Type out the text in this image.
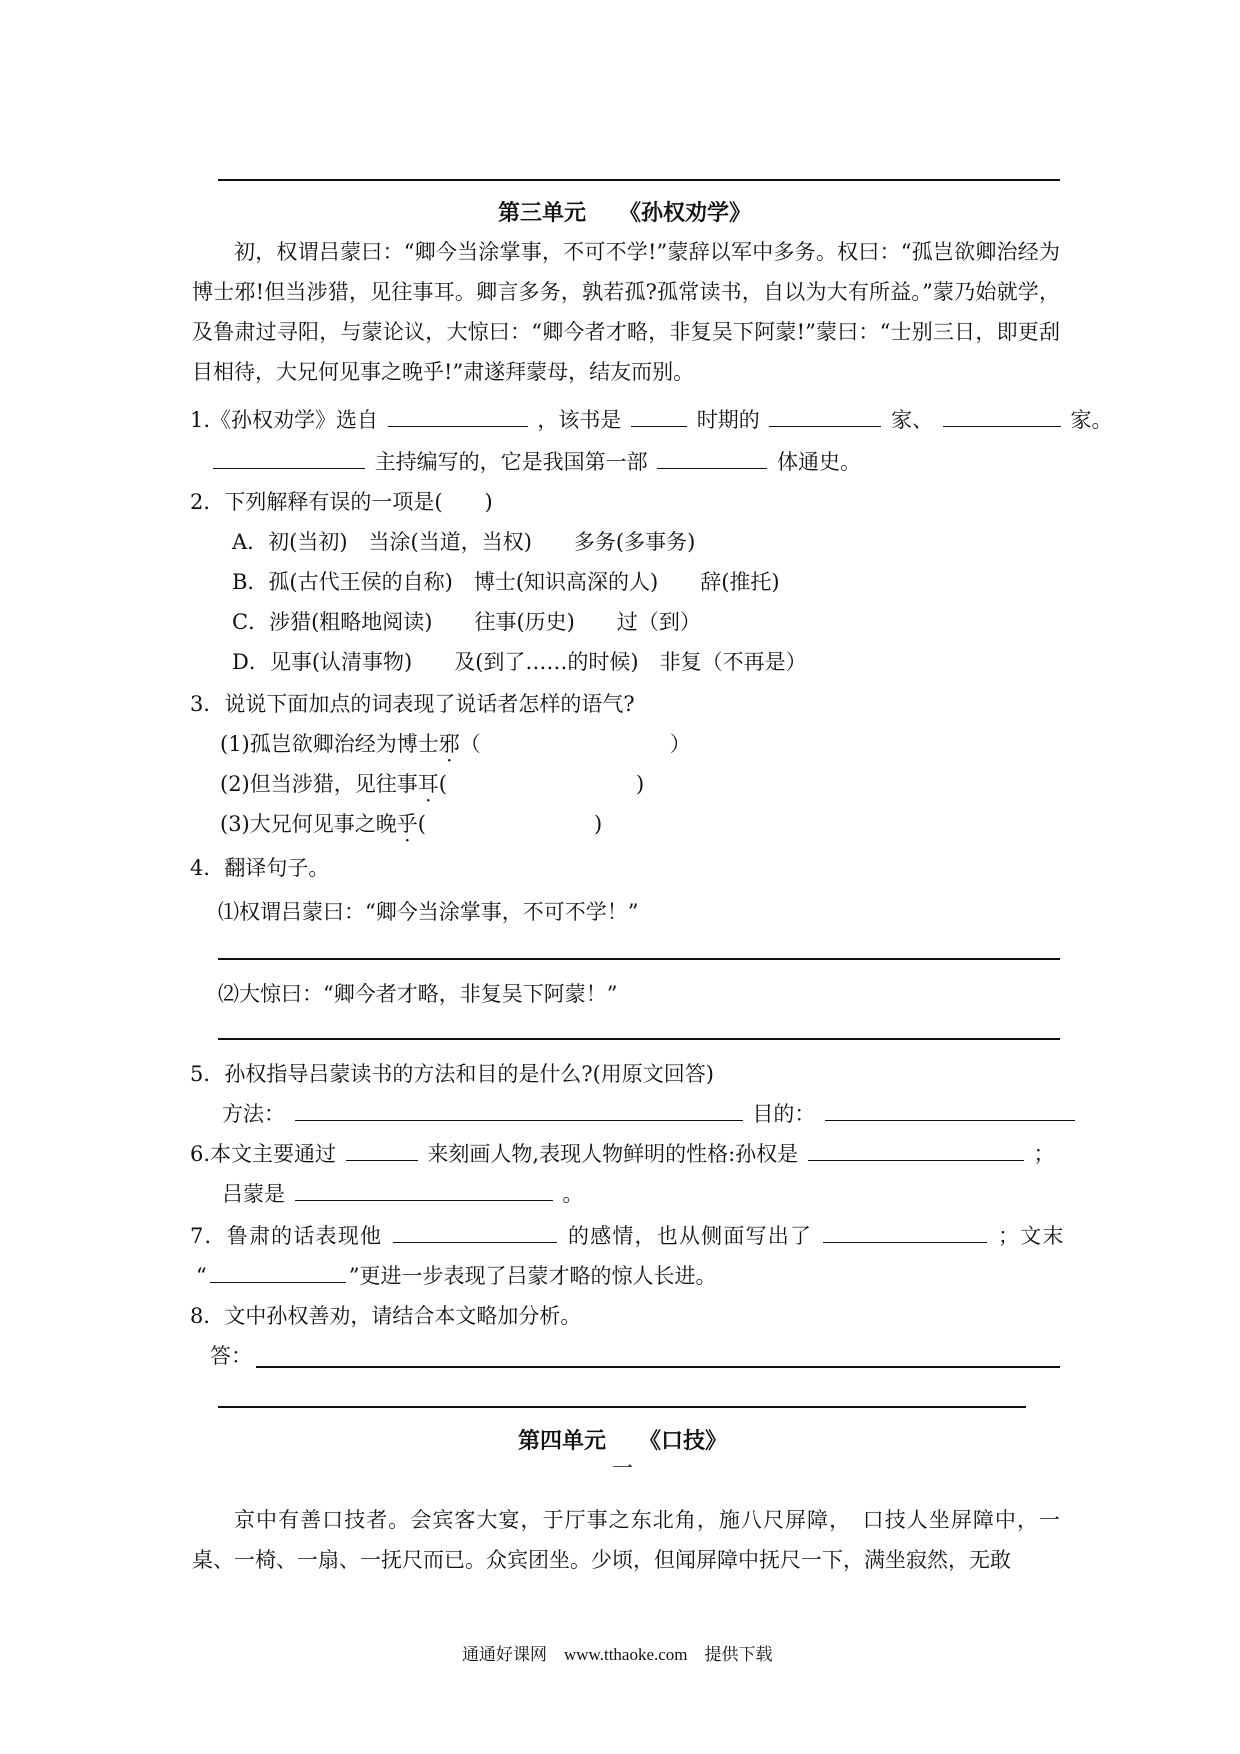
第三单元　　《孙权劝学》
初，权谓吕蒙曰：“卿今当涂掌事，不可不学!”蒙辞以军中多务。权曰：“孤岂欲卿治经为博士邪!但当涉猎，见往事耳。卿言多务，孰若孤?孤常读书，自以为大有所益。”蒙乃始就学，及鲁肃过寻阳，与蒙论议，大惊曰：“卿今者才略，非复吴下阿蒙!”蒙曰：“士别三日，即更刮目相待，大兄何见事之晚乎!”肃遂拜蒙母，结友而别。
1.《孙权劝学》选自	，该书是	时期的	家、	家。
主持编写的，它是我国第一部	体通史。
2．下列解释有误的一项是(　　)
A．初(当初)　当涂(当道，当权)　　多务(多事务)
B．孤(古代王侯的自称)　博士(知识高深的人)　　辞(推托)
C．涉猎(粗略地阅读)　　往事(历史)　　过（到）
D．见事(认清事物)　　及(到了……的时候)　非复（不再是）
3．说说下面加点的词表现了说话者怎样的语气?
(1)孤岂欲卿治经为博士邪（　　　　　　　　　）
(2)但当涉猎，见往事耳(　　　　　　　　　)
(3)大兄何见事之晚乎(　　　　　　　　)
4．翻译句子。
⑴权谓吕蒙曰：“卿今当涂掌事，不可不学！”
⑵大惊曰：“卿今者才略，非复吴下阿蒙！”
5．孙权指导吕蒙读书的方法和目的是什么?(用原文回答)
方法：	目的：
6.本文主要通过	来刻画人物,表现人物鲜明的性格:孙权是	；
吕蒙是	。
7．鲁肃的话表现他	的感情，也从侧面写出了	；文末
“	”更进一步表现了吕蒙才略的惊人长进。
8．文中孙权善劝，请结合本文略加分析。
答：
第四单元　　《口技》
一
京中有善口技者。会宾客大宴，于厅事之东北角，施八尺屏障，　口技人坐屏障中，一桌、一椅、一扇、一抚尺而已。众宾团坐。少顷，但闻屏障中抚尺一下，满坐寂然，无敢
通通好课网　www.tthaoke.com　提供下载
